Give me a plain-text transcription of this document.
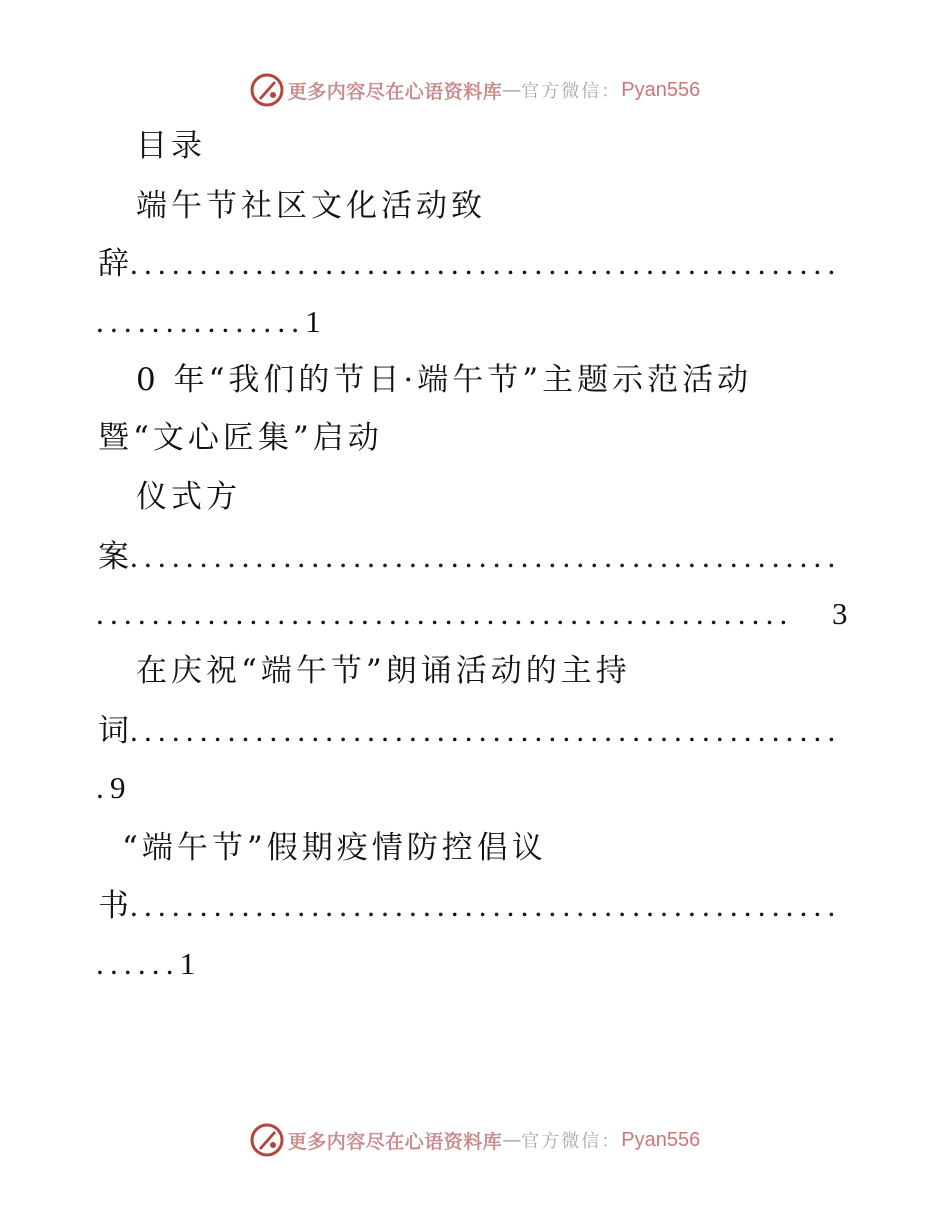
更多内容尽在心语资料库 — 官方微信： Pyan556
目录
端午节社区文化活动致
辞
...................................................
...............1
0 年“我们的节日·端午节”主题示范活动
暨“文心匠集”启动
仪式方
案
...................................................
.................................................. 3
在庆祝“端午节”朗诵活动的主持
词
...................................................
.9
“端午节”假期疫情防控倡议
书
...................................................
......1
更多内容尽在心语资料库 — 官方微信： Pyan556
